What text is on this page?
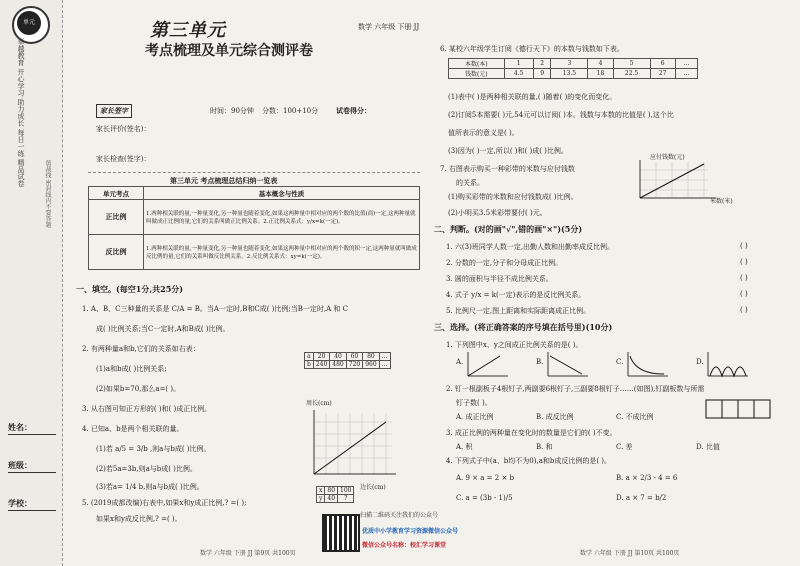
单元
卓越教育 开心学习 助力成长 每日一练 精品试卷
剪裁线 密封线内不要答题
姓名：
班级：
学校：
第三单元
考点梳理及单元综合测评卷
数学 六年级 下册 JJ
家长签字	时间：90分钟 分数：100+10分	试卷得分：
家长评价(签名)：
家长检查(签字)：
第三单元 考点梳理总结归纳一览表
单元考点	基本概念与性质
正比例	1.两种相关联的量,一种量变化,另一种量也随着变化,如果这两种量中相对应的两个数的比值(商)一定,这两种量就叫做成正比例的量,它们的关系叫做正比例关系。2.正比例关系式：y/x=k(一定)。
反比例	1.两种相关联的量,一种量变化,另一种量也随着变化,如果这两种量中相对应的两个数的积一定,这两种量就叫做成反比例的量,它们的关系叫做反比例关系。2.反比例关系式：xy=k(一定)。
一、填空。(每空1分,共25分)
1. A、B、C三种量的关系是 C/A = B。当A一定时,B和C成( )比例;当B一定时,A 和 C
成( )比例关系;当C一定时,A和B成( )比例。
2. 有两种量a和b,它们的关系如右表：
(1)a和b成( )比例关系;
(2)如果b=70,那么a=( )。
a	20	40	60	80	…
b	240	480	720	960	…
3. 从右图可知正方形的( )和( )成正比例。
4. 已知a、b是两个相关联的量。
(1)若 a/5 = 3/b ,则a与b成( )比例。
(2)若5a=3b,则a与b成( )比例。
(3)若a= 1/4 b,则a与b成( )比例。
5. (2019成都改编)右表中,如果x和y成正比例,? =( );
如果x和y成反比例,? =( )。
x	80	100
y	40	?
周长(cm)
边长(cm)
6. 某校六年级学生订阅《德行天下》的本数与钱数如下表。
本数(本)	1	2	3	4	5	6	…
钱数(元)	4.5	9	13.5	18	22.5	27	…
(1)表中( )是两种相关联的量,( )随着( )的变化而变化。
(2)订阅5本需要( )元,54元可以订阅( )本。钱数与本数的比值是( ),这个比
值所表示的意义是( )。
(3)因为( )一定,所以( )和( )成( )比例。
7. 右图表示购买一种彩带的米数与应付钱数
的关系。
(1)购买彩带的米数和应付钱数成( )比例。
(2)小明买3.5米彩带要付( )元。
应付钱数(元)
米数(米)
二、判断。(对的画"√",错的画"×")(5分)
1. 六(3)班同学人数一定,出勤人数和出勤率成反比例。
2. 分数的一定,分子和分母成正比例。
3. 圆的面积与半径不成比例关系。
4. 式子 y/x = k(一定)表示的是反比例关系。
5. 比例尺一定,图上距离和实际距离成正比例。
( )
( )
( )
( )
( )
三、选择。(将正确答案的序号填在括号里)(10分)
1. 下列图中x、y之间成正比例关系的是( )。
A.	B.	C.	D.
2. 钉一根副板子4根钉子,两副要6根钉子,三副要8根钉子……(如图),钉副板数与所需
钉子数( )。
A. 成正比例	B. 成反比例	C. 不成比例
3. 成正比例的两种量在变化时的数量是它们的( )不变。
A. 积	B. 和	C. 差	D. 比值
4. 下列式子中(a、b均不为0),a和b成反比例的是( )。
A. 9 × a = 2 × b	B. a × 2/3 - 4 = 6
C. a = (3b - 1)/5	D. a × 7 = b/2
数学 六年级 下册 JJ 第9页 共100页	数学 六年级 下册 JJ 第10页 共100页
扫描二维码关注我们的公众号
优质中小学教育学习资源微信公众号
微信公众号名称：校汇学习课堂
